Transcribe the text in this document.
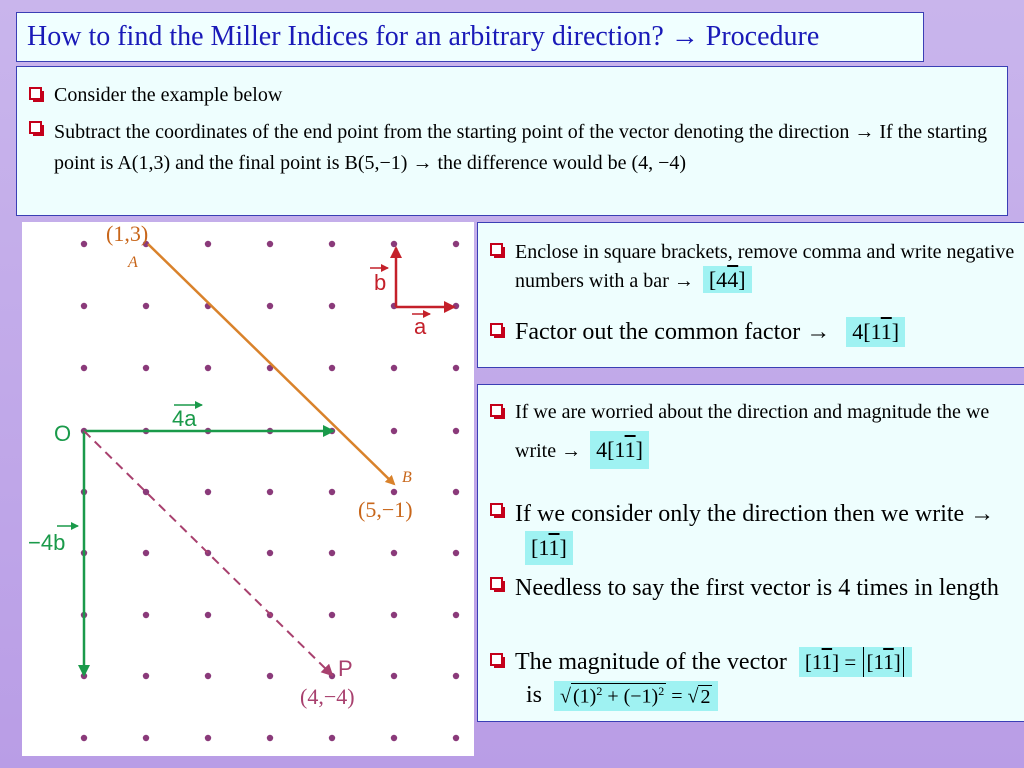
How to find the Miller Indices for an arbitrary direction? → Procedure
Consider the example below
Subtract the coordinates of the end point from the starting point of the vector denoting the direction → If the starting point is A(1,3) and the final point is B(5,−1) → the difference would be (4, −4)
(1,3)
A
B
(5,−1)
O
P
(4,−4)
4a
−4b
b
a
Enclose in square brackets, remove comma and write negative numbers with a bar → [44]
Factor out the common factor → 4[11]
If we are worried about the direction and magnitude the we write → 4[11]
If we consider only the direction then we write → [11]
Needless to say the first vector is 4 times in length
The magnitude of the vector [11] = [11]
is √ $(1)^2 + (-1)^2$ = √ 2
